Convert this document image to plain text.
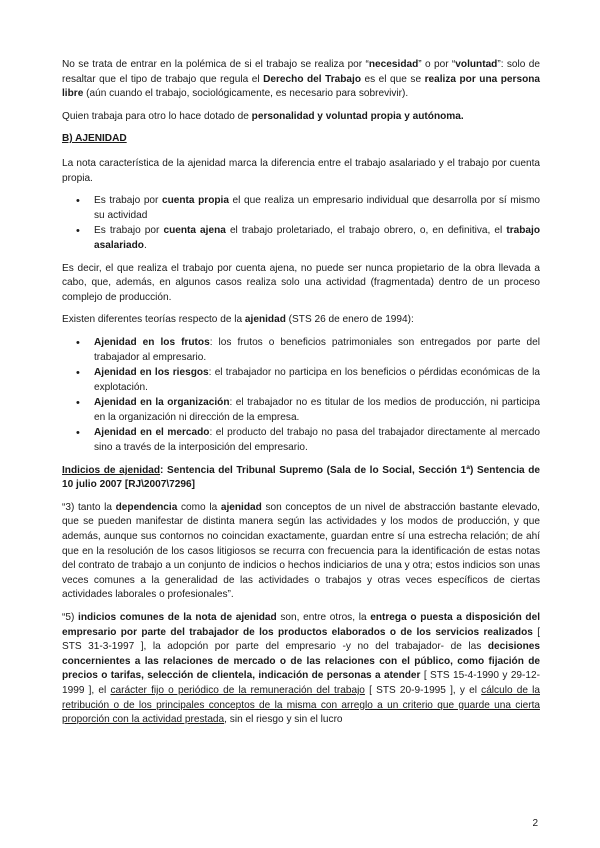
No se trata de entrar en la polémica de si el trabajo se realiza por “necesidad” o por “voluntad”: solo de resaltar que el tipo de trabajo que regula el Derecho del Trabajo es el que se realiza por una persona libre (aún cuando el trabajo, sociológicamente, es necesario para sobrevivir).

Quien trabaja para otro lo hace dotado de personalidad y voluntad propia y autónoma.

B) AJENIDAD

La nota característica de la ajenidad marca la diferencia entre el trabajo asalariado y el trabajo por cuenta propia.

• Es trabajo por cuenta propia el que realiza un empresario individual que desarrolla por sí mismo su actividad
• Es trabajo por cuenta ajena el trabajo proletariado, el trabajo obrero, o, en definitiva, el trabajo asalariado.

Es decir, el que realiza el trabajo por cuenta ajena, no puede ser nunca propietario de la obra llevada a cabo, que, además, en algunos casos realiza solo una actividad (fragmentada) dentro de un proceso complejo de producción.

Existen diferentes teorías respecto de la ajenidad (STS 26 de enero de 1994):

• Ajenidad en los frutos: los frutos o beneficios patrimoniales son entregados por parte del trabajador al empresario.
• Ajenidad en los riesgos: el trabajador no participa en los beneficios o pérdidas económicas de la explotación.
• Ajenidad en la organización: el trabajador no es titular de los medios de producción, ni participa en la organización ni dirección de la empresa.
• Ajenidad en el mercado: el producto del trabajo no pasa del trabajador directamente al mercado sino a través de la interposición del empresario.

Indicios de ajenidad: Sentencia del Tribunal Supremo (Sala de lo Social, Sección 1ª) Sentencia de 10 julio 2007 [RJ\2007\7296]

“3) tanto la dependencia como la ajenidad son conceptos de un nivel de abstracción bastante elevado, que se pueden manifestar de distinta manera según las actividades y los modos de producción, y que además, aunque sus contornos no coincidan exactamente, guardan entre sí una estrecha relación; de ahí que en la resolución de los casos litigiosos se recurra con frecuencia para la identificación de estas notas del contrato de trabajo a un conjunto de indicios o hechos indiciarios de una y otra; estos indicios son unas veces comunes a la generalidad de las actividades o trabajos y otras veces específicos de ciertas actividades laborales o profesionales”.

“5) indicios comunes de la nota de ajenidad son, entre otros, la entrega o puesta a disposición del empresario por parte del trabajador de los productos elaborados o de los servicios realizados [ STS 31-3-1997 ], la adopción por parte del empresario -y no del trabajador- de las decisiones concernientes a las relaciones de mercado o de las relaciones con el público, como fijación de precios o tarifas, selección de clientela, indicación de personas a atender [ STS 15-4-1990 y 29-12-1999 ], el carácter fijo o periódico de la remuneración del trabajo [ STS 20-9-1995 ], y el cálculo de la retribución o de los principales conceptos de la misma con arreglo a un criterio que guarde una cierta proporción con la actividad prestada, sin el riesgo y sin el lucro

2
